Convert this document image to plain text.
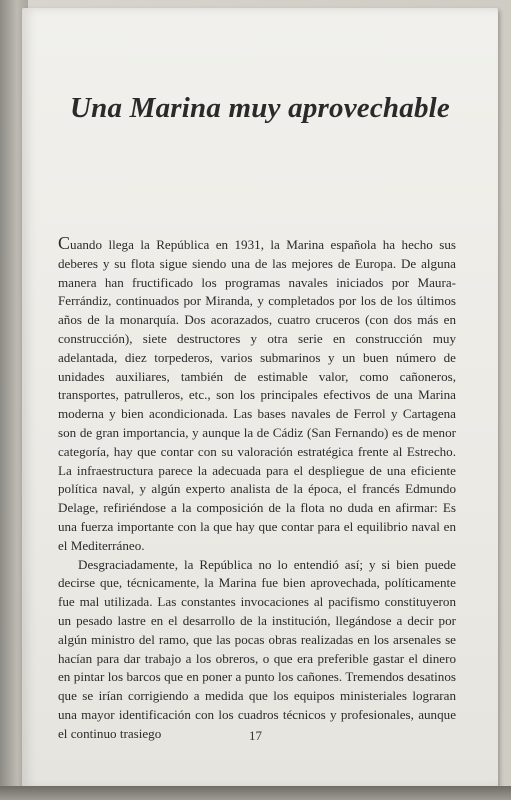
Una Marina muy aprovechable

Cuando llega la República en 1931, la Marina española ha hecho sus deberes y su flota sigue siendo una de las mejores de Europa. De alguna manera han fructificado los programas navales iniciados por Maura-Ferrándiz, continuados por Miranda, y completados por los de los últimos años de la monarquía. Dos acorazados, cuatro cruceros (con dos más en construcción), siete destructores y otra serie en construcción muy adelantada, diez torpederos, varios submarinos y un buen número de unidades auxiliares, también de estimable valor, como cañoneros, transportes, patrulleros, etc., son los principales efectivos de una Marina moderna y bien acondicionada. Las bases navales de Ferrol y Cartagena son de gran importancia, y aunque la de Cádiz (San Fernando) es de menor categoría, hay que contar con su valoración estratégica frente al Estrecho. La infraestructura parece la adecuada para el despliegue de una eficiente política naval, y algún experto analista de la época, el francés Edmundo Delage, refiriéndose a la composición de la flota no duda en afirmar: Es una fuerza importante con la que hay que contar para el equilibrio naval en el Mediterráneo.

Desgraciadamente, la República no lo entendió así; y si bien puede decirse que, técnicamente, la Marina fue bien aprovechada, políticamente fue mal utilizada. Las constantes invocaciones al pacifismo constituyeron un pesado lastre en el desarrollo de la institución, llegándose a decir por algún ministro del ramo, que las pocas obras realizadas en los arsenales se hacían para dar trabajo a los obreros, o que era preferible gastar el dinero en pintar los barcos que en poner a punto los cañones. Tremendos desatinos que se irían corrigiendo a medida que los equipos ministeriales lograran una mayor identificación con los cuadros técnicos y profesionales, aunque el continuo trasiego	17
